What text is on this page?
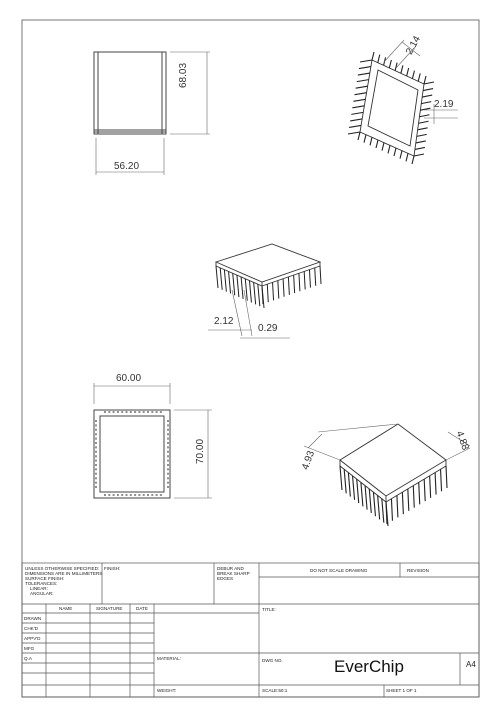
56.20
68.03
2.14
2.19
2.12
0.29
60.00
70.00	4.93
4.88
UNLESS OTHERWISE SPECIFIED:
DIMENSIONS ARE IN MILLIMETERS
SURFACE FINISH:
TOLERANCES:
LINEAR:
ANGULAR:
FINISH:	DEBUR AND
BREAK SHARP
EDGES
DO NOT SCALE DRAWING	REVISION
NAME	SIGNATURE	DATE
DRAWN
CHK'D
APPV'D
MFG
Q.A
TITLE:
MATERIAL:
WEIGHT:
DWG NO.	EverChip	A4
SCALE:50:1	SHEET 1 OF 1
